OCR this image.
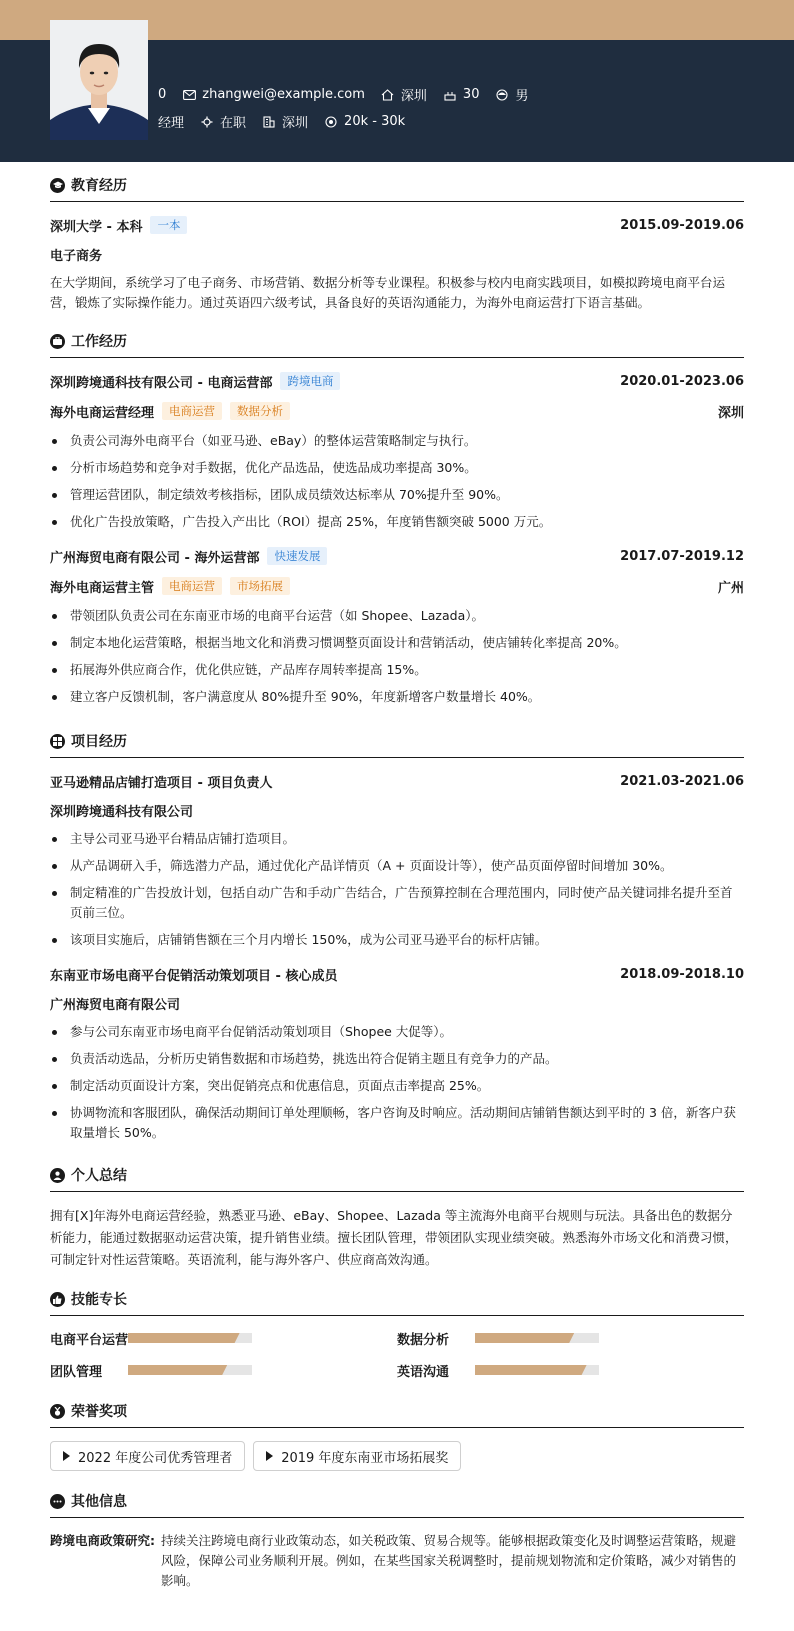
0	zhangwei@example.com	深圳	30	男
经理	在职	深圳	20k - 30k
教育经历
深圳大学 - 本科	一本	2015.09-2019.06
电子商务
在大学期间，系统学习了电子商务、市场营销、数据分析等专业课程。积极参与校内电商实践项目，如模拟跨境电商平台运营，锻炼了实际操作能力。通过英语四六级考试，具备良好的英语沟通能力，为海外电商运营打下语言基础。
工作经历
深圳跨境通科技有限公司 - 电商运营部	跨境电商	2020.01-2023.06
海外电商运营经理	电商运营	数据分析	深圳
负责公司海外电商平台（如亚马逊、eBay）的整体运营策略制定与执行。
分析市场趋势和竞争对手数据，优化产品选品，使选品成功率提高 30%。
管理运营团队，制定绩效考核指标，团队成员绩效达标率从 70%提升至 90%。
优化广告投放策略，广告投入产出比（ROI）提高 25%，年度销售额突破 5000 万元。
广州海贸电商有限公司 - 海外运营部	快速发展	2017.07-2019.12
海外电商运营主管	电商运营	市场拓展	广州
带领团队负责公司在东南亚市场的电商平台运营（如 Shopee、Lazada）。
制定本地化运营策略，根据当地文化和消费习惯调整页面设计和营销活动，使店铺转化率提高 20%。
拓展海外供应商合作，优化供应链，产品库存周转率提高 15%。
建立客户反馈机制，客户满意度从 80%提升至 90%，年度新增客户数量增长 40%。
项目经历
亚马逊精品店铺打造项目 - 项目负责人	2021.03-2021.06
深圳跨境通科技有限公司
主导公司亚马逊平台精品店铺打造项目。
从产品调研入手，筛选潜力产品，通过优化产品详情页（A + 页面设计等），使产品页面停留时间增加 30%。
制定精准的广告投放计划，包括自动广告和手动广告结合，广告预算控制在合理范围内，同时使产品关键词排名提升至首页前三位。
该项目实施后，店铺销售额在三个月内增长 150%，成为公司亚马逊平台的标杆店铺。
东南亚市场电商平台促销活动策划项目 - 核心成员	2018.09-2018.10
广州海贸电商有限公司
参与公司东南亚市场电商平台促销活动策划项目（Shopee 大促等）。
负责活动选品，分析历史销售数据和市场趋势，挑选出符合促销主题且有竞争力的产品。
制定活动页面设计方案，突出促销亮点和优惠信息，页面点击率提高 25%。
协调物流和客服团队，确保活动期间订单处理顺畅，客户咨询及时响应。活动期间店铺销售额达到平时的 3 倍，新客户获取量增长 50%。
个人总结
拥有[X]年海外电商运营经验，熟悉亚马逊、eBay、Shopee、Lazada 等主流海外电商平台规则与玩法。具备出色的数据分析能力，能通过数据驱动运营决策，提升销售业绩。擅长团队管理，带领团队实现业绩突破。熟悉海外市场文化和消费习惯，可制定针对性运营策略。英语流利，能与海外客户、供应商高效沟通。
技能专长
电商平台运营	数据分析
团队管理	英语沟通
荣誉奖项
2022 年度公司优秀管理者	2019 年度东南亚市场拓展奖
其他信息
跨境电商政策研究: 持续关注跨境电商行业政策动态，如关税政策、贸易合规等。能够根据政策变化及时调整运营策略，规避风险，保障公司业务顺利开展。例如，在某些国家关税调整时，提前规划物流和定价策略，减少对销售的影响。
